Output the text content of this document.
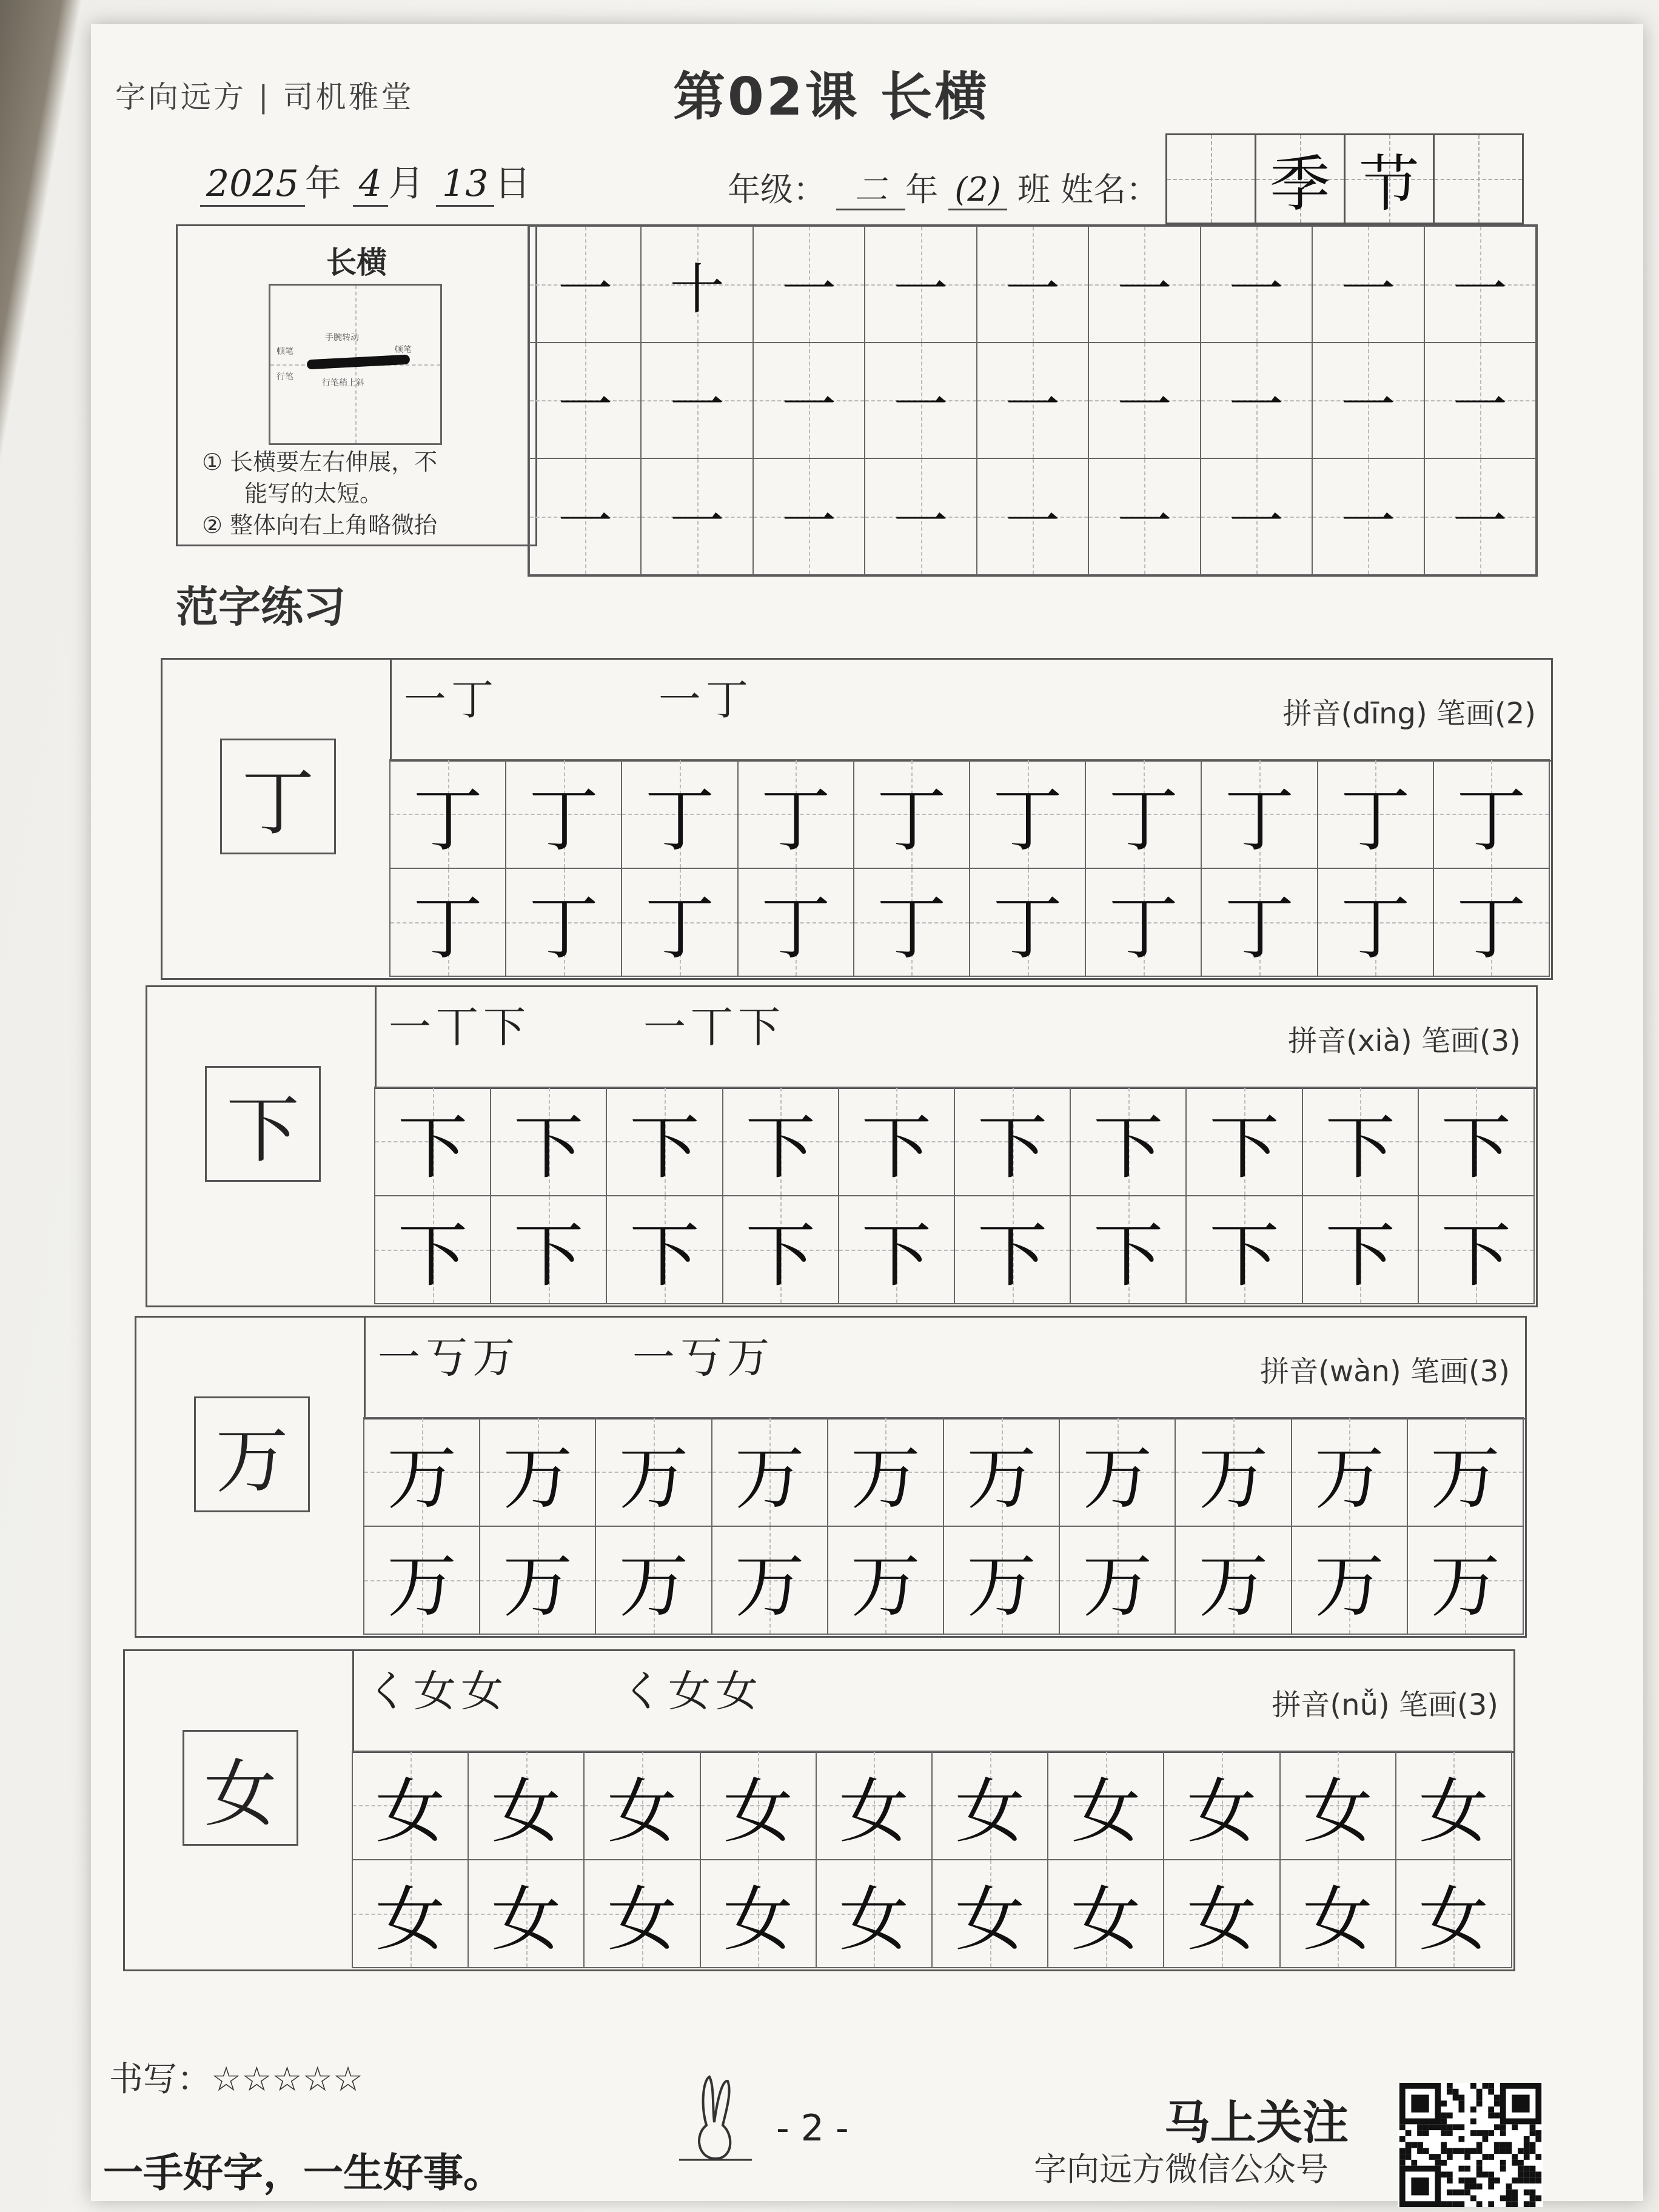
字向远方 | 司机雅堂	第02课 长横
2025 年 4 月 13 日	年级： 二 年 (2) 班 姓名： 季 节
长横
手腕转动
顿笔	顿笔
行笔
行笔稍上斜
① 长横要左右伸展，不
能写的太短。
② 整体向右上角略微抬
一 十 一 一 一 一 一 一 一
一 一 一 一 一 一 一 一 一
一 一 一 一 一 一 一 一 一
范字练习
丁
一丁	一丁	拼音(dīng) 笔画(2)
丁 丁 丁 丁 丁 丁 丁 丁 丁 丁
丁 丁 丁 丁 丁 丁 丁 丁 丁 丁
下
一丅下	一丅下	拼音(xià) 笔画(3)
下 下 下 下 下 下 下 下 下 下
下 下 下 下 下 下 下 下 下 下
万
一丂万	一丂万	拼音(wàn) 笔画(3)
万 万 万 万 万 万 万 万 万 万
万 万 万 万 万 万 万 万 万 万
女
く女女	く女女	拼音(nǚ) 笔画(3)
女 女 女 女 女 女 女 女 女 女
女 女 女 女 女 女 女 女 女 女
书写：☆☆☆☆☆
一手好字，一生好事。
- 2 -	马上关注
字向远方微信公众号
